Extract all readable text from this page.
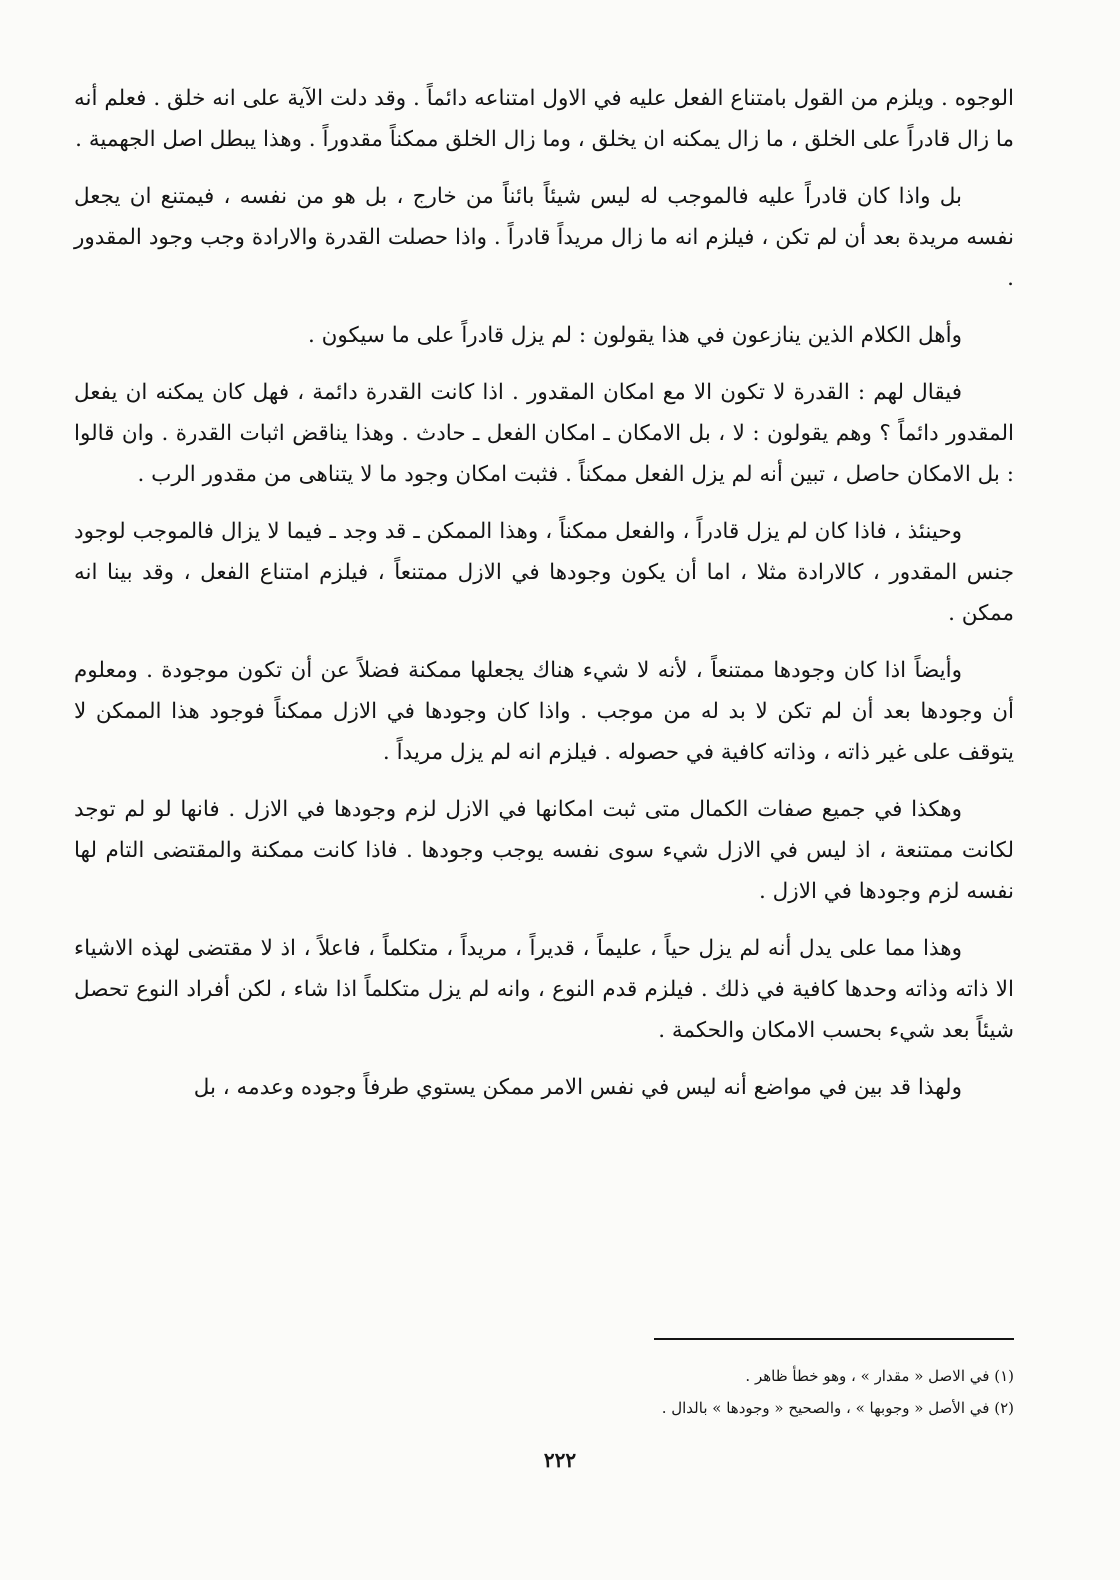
الوجوه . ويلزم من القول بامتناع الفعل عليه في الاول امتناعه دائماً . وقد دلت الآية على انه خلق . فعلم أنه ما زال قادراً على الخلق ، ما زال يمكنه ان يخلق ، وما زال الخلق ممكناً مقدوراً . وهذا يبطل اصل الجهمية .

بل واذا كان قادراً عليه فالموجب له ليس شيئاً بائناً من خارج ، بل هو من نفسه ، فيمتنع ان يجعل نفسه مريدة بعد أن لم تكن ، فيلزم انه ما زال مريداً قادراً . واذا حصلت القدرة والارادة وجب وجود المقدور .

وأهل الكلام الذين ينازعون في هذا يقولون : لم يزل قادراً على ما سيكون .

فيقال لهم : القدرة لا تكون الا مع امكان المقدور . اذا كانت القدرة دائمة ، فهل كان يمكنه ان يفعل المقدور دائماً ؟ وهم يقولون : لا ، بل الامكان ـ امكان الفعل ـ حادث . وهذا يناقض اثبات القدرة . وان قالوا : بل الامكان حاصل ، تبين أنه لم يزل الفعل ممكناً . فثبت امكان وجود ما لا يتناهى من مقدور الرب .

وحينئذ ، فاذا كان لم يزل قادراً ، والفعل ممكناً ، وهذا الممكن ـ قد وجد ـ فيما لا يزال فالموجب لوجود جنس المقدور ، كالارادة مثلا ، اما أن يكون وجودها في الازل ممتنعاً ، فيلزم امتناع الفعل ، وقد بينا انه ممكن .

وأيضاً اذا كان وجودها ممتنعاً ، لأنه لا شيء هناك يجعلها ممكنة فضلاً عن أن تكون موجودة . ومعلوم أن وجودها بعد أن لم تكن لا بد له من موجب . واذا كان وجودها في الازل ممكناً فوجود هذا الممكن لا يتوقف على غير ذاته ، وذاته كافية في حصوله . فيلزم انه لم يزل مريداً .

وهكذا في جميع صفات الكمال متى ثبت امكانها في الازل لزم وجودها في الازل . فانها لو لم توجد لكانت ممتنعة ، اذ ليس في الازل شيء سوى نفسه يوجب وجودها . فاذا كانت ممكنة والمقتضى التام لها نفسه لزم وجودها في الازل .

وهذا مما على يدل أنه لم يزل حياً ، عليماً ، قديراً ، مريداً ، متكلماً ، فاعلاً ، اذ لا مقتضى لهذه الاشياء الا ذاته وذاته وحدها كافية في ذلك . فيلزم قدم النوع ، وانه لم يزل متكلماً اذا شاء ، لكن أفراد النوع تحصل شيئاً بعد شيء بحسب الامكان والحكمة .

ولهذا قد بين في مواضع أنه ليس في نفس الامر ممكن يستوي طرفاً وجوده وعدمه ، بل

(١) في الاصل « مقدار » ، وهو خطأ ظاهر .

(٢) في الأصل « وجوبها » ، والصحيح « وجودها » بالدال .

٢٢٢
